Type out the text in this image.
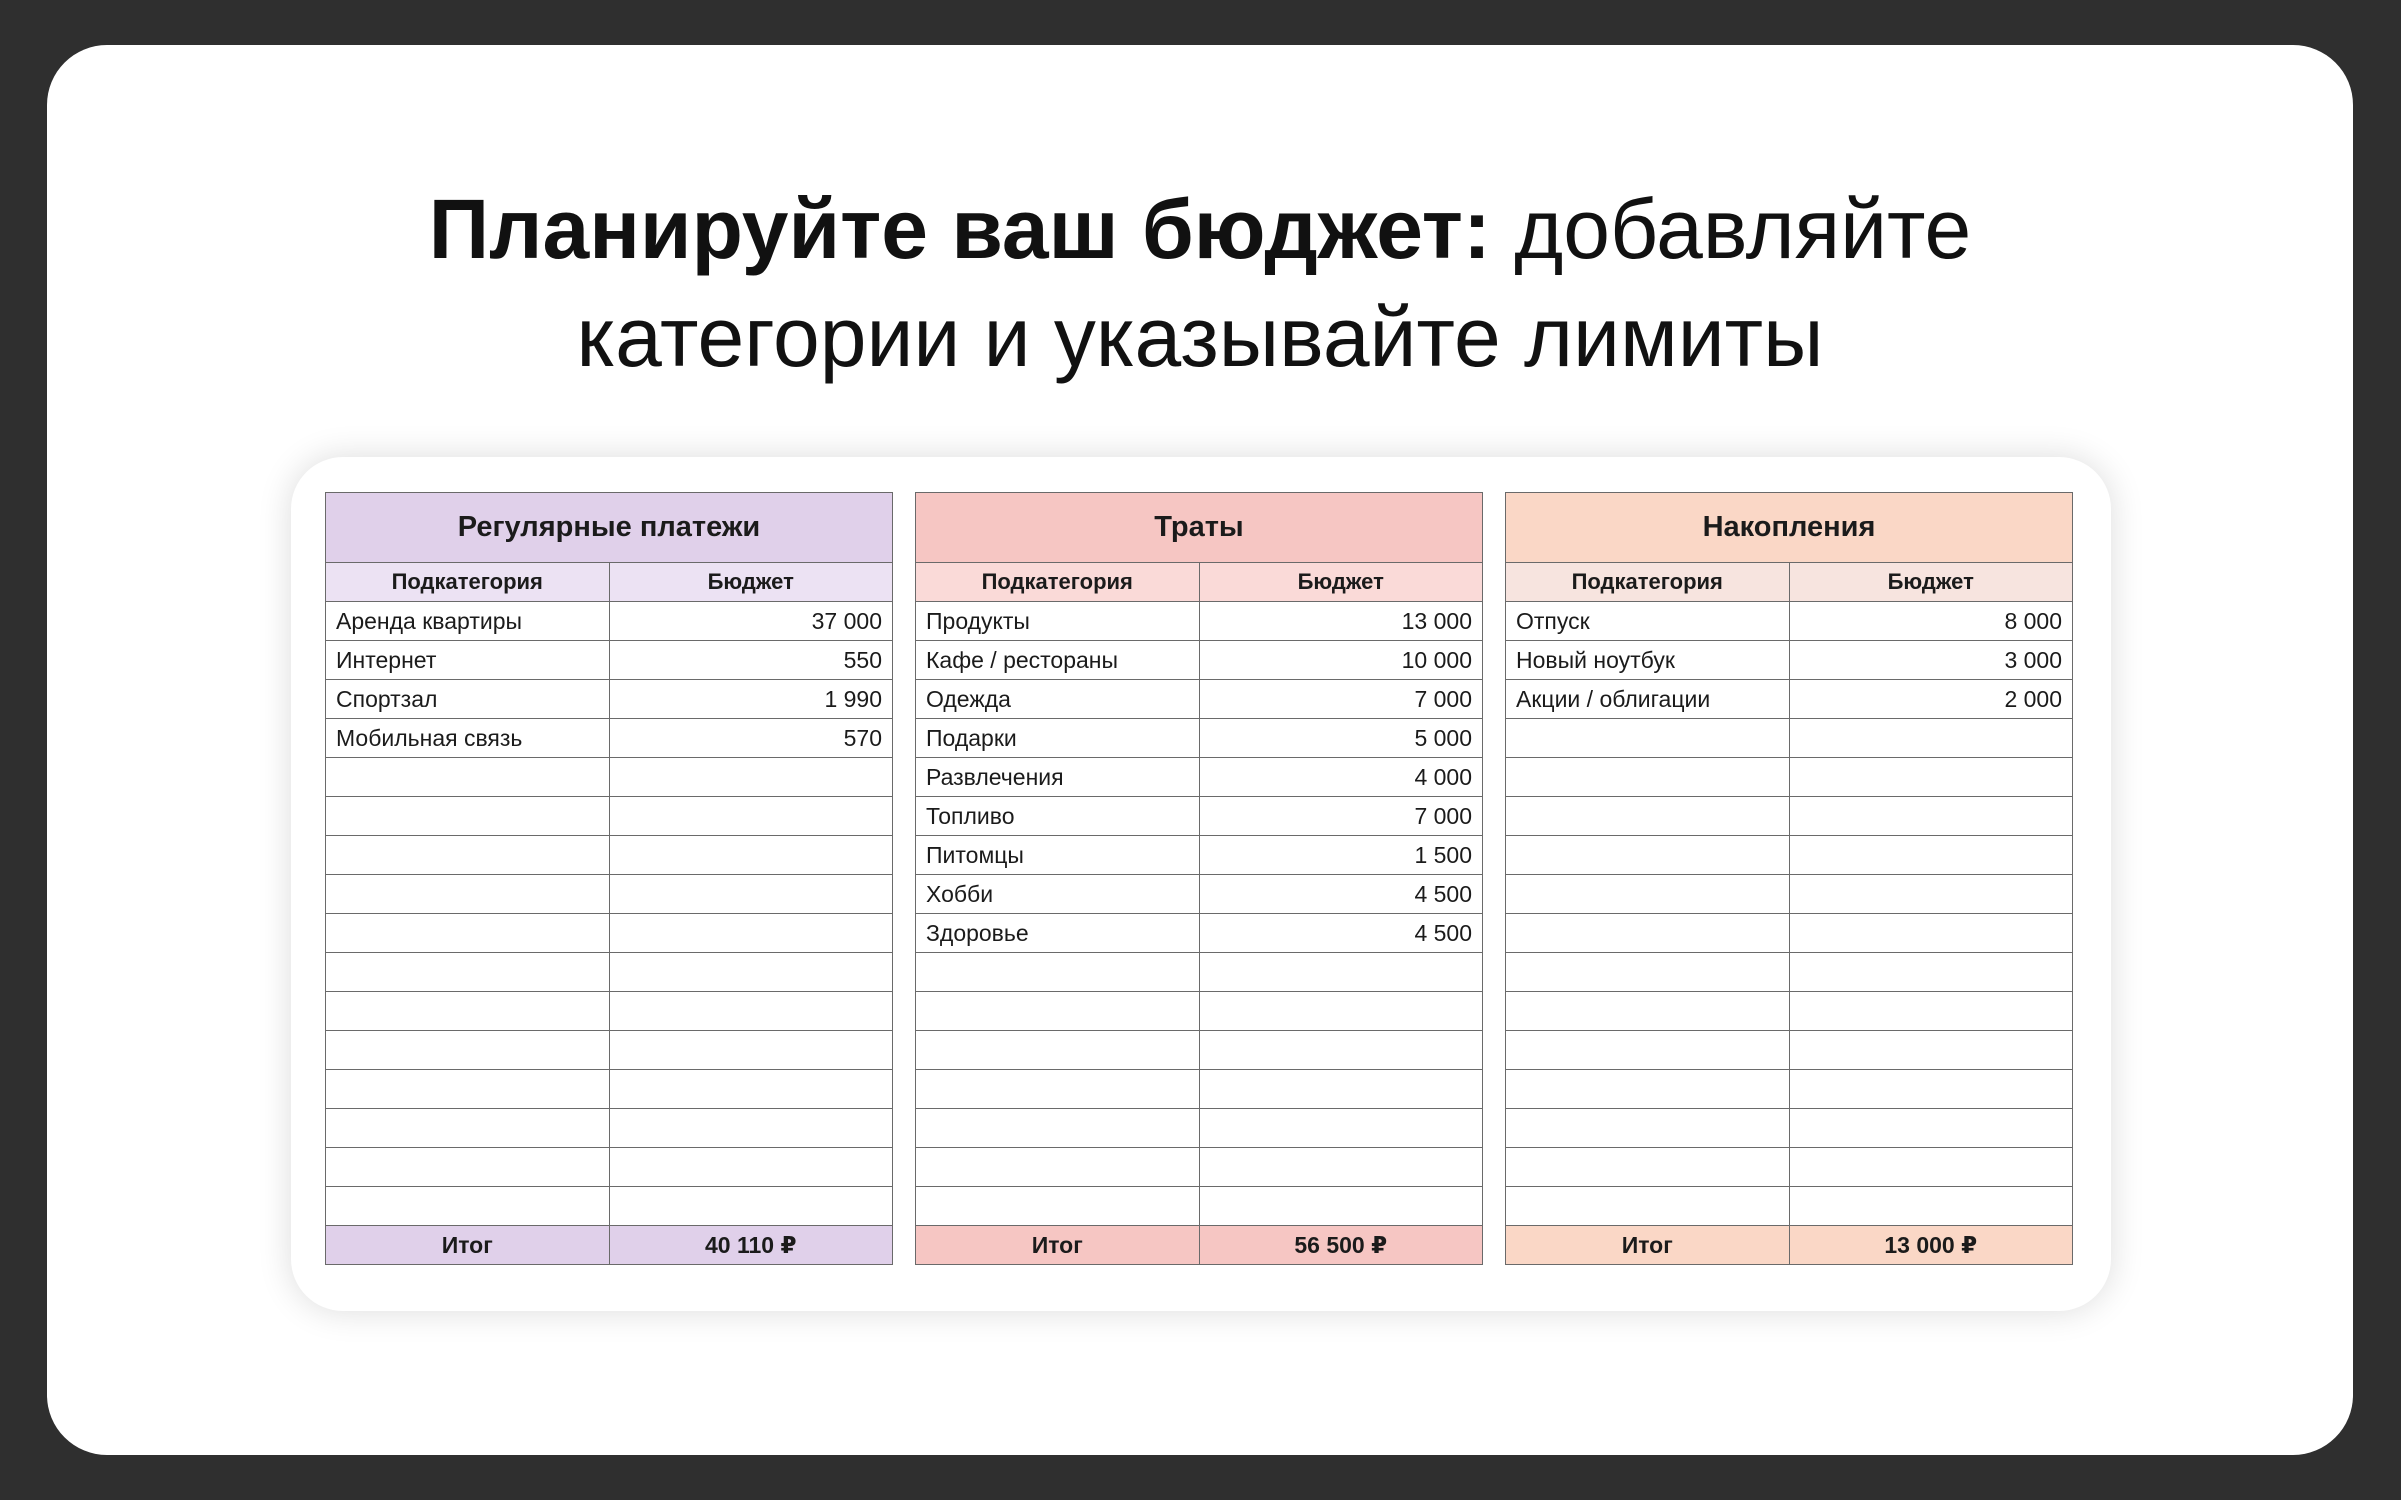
Планируйте ваш бюджет: добавляйте
категории и указывайте лимиты
Регулярные платежи	
Подкатегория	Бюджет
Аренда квартиры	37 000
Интернет	550
Спортзал	1 990
Мобильная связь	570

Итог	40 110 ₽
Траты	
Подкатегория	Бюджет
Продукты	13 000
Кафе / рестораны	10 000
Одежда	7 000
Подарки	5 000
Развлечения	4 000
Топливо	7 000
Питомцы	1 500
Хобби	4 500
Здоровье	4 500

Итог	56 500 ₽
Накопления	
Подкатегория	Бюджет
Отпуск	8 000
Новый ноутбук	3 000
Акции / облигации	2 000

Итог	13 000 ₽
